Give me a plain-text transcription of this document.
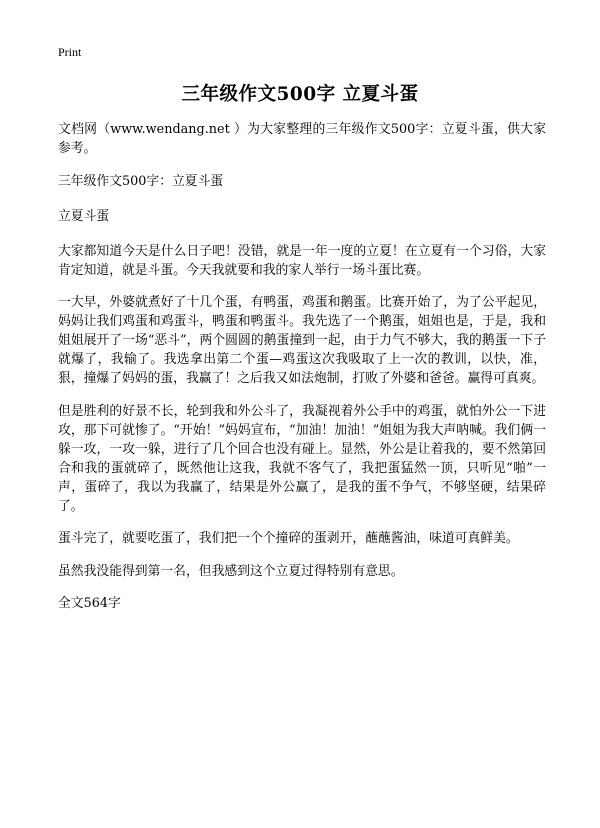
Print
三年级作文500字 立夏斗蛋

文档网（www.wendang.net ）为大家整理的三年级作文500字：立夏斗蛋，供大家参考。

三年级作文500字：立夏斗蛋

立夏斗蛋

大家都知道今天是什么日子吧！没错，就是一年一度的立夏！在立夏有一个习俗，大家肯定知道，就是斗蛋。今天我就要和我的家人举行一场斗蛋比赛。

一大早，外婆就煮好了十几个蛋，有鸭蛋，鸡蛋和鹅蛋。比赛开始了，为了公平起见，妈妈让我们鸡蛋和鸡蛋斗，鸭蛋和鸭蛋斗。我先选了一个鹅蛋，姐姐也是，于是，我和姐姐展开了一场“恶斗”，两个圆圆的鹅蛋撞到一起，由于力气不够大，我的鹅蛋一下子就爆了，我输了。我选拿出第二个蛋—鸡蛋这次我吸取了上一次的教训，以快，准，狠，撞爆了妈妈的蛋，我赢了！之后我又如法炮制，打败了外婆和爸爸。赢得可真爽。

但是胜利的好景不长，轮到我和外公斗了，我凝视着外公手中的鸡蛋，就怕外公一下进攻，那下可就惨了。“开始！”妈妈宣布，“加油！加油！”姐姐为我大声呐喊。我们俩一躲一攻，一攻一躲，进行了几个回合也没有碰上。显然，外公是让着我的，要不然第回合和我的蛋就碎了，既然他让这我，我就不客气了，我把蛋猛然一顶，只听见“啪”一声，蛋碎了，我以为我赢了，结果是外公赢了，是我的蛋不争气，不够坚硬，结果碎了。

蛋斗完了，就要吃蛋了，我们把一个个撞碎的蛋剥开，蘸蘸酱油，味道可真鲜美。

虽然我没能得到第一名，但我感到这个立夏过得特别有意思。

全文564字
